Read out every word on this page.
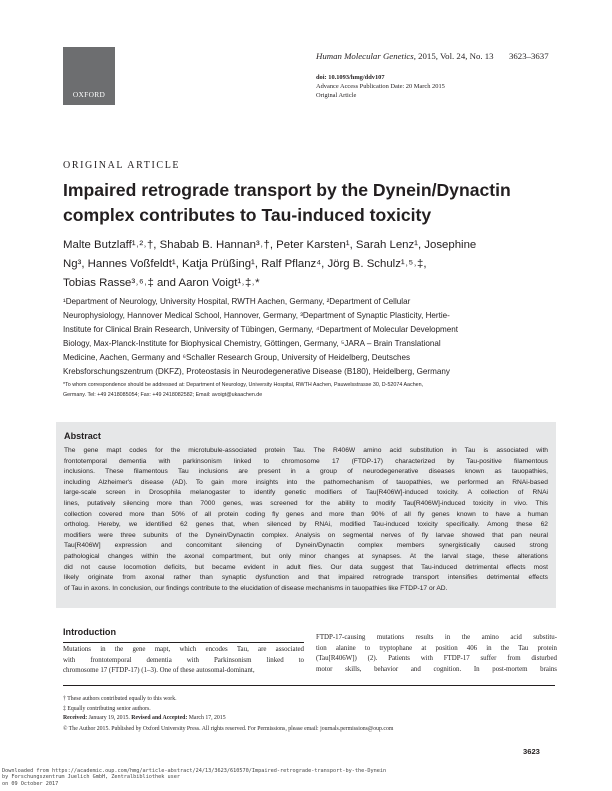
OXFORD
Human Molecular Genetics, 2015, Vol. 24, No. 13 3623–3637
doi: 10.1093/hmg/ddv107
Advance Access Publication Date: 20 March 2015
Original Article
ORIGINAL ARTICLE
Impaired retrograde transport by the Dynein/Dynactin
complex contributes to Tau-induced toxicity
Malte Butzlaff¹˒²˒†, Shabab B. Hannan³˒†, Peter Karsten¹, Sarah Lenz¹, Josephine
Ng³, Hannes Voßfeldt¹, Katja Prüßing¹, Ralf Pflanz⁴, Jörg B. Schulz¹˒⁵˒‡,
Tobias Rasse³˒⁶˒‡ and Aaron Voigt¹˒‡˒*
¹Department of Neurology, University Hospital, RWTH Aachen, Germany, ²Department of Cellular
Neurophysiology, Hannover Medical School, Hannover, Germany, ³Department of Synaptic Plasticity, Hertie-
Institute for Clinical Brain Research, University of Tübingen, Germany, ⁴Department of Molecular Development
Biology, Max-Planck-Institute for Biophysical Chemistry, Göttingen, Germany, ⁵JARA – Brain Translational
Medicine, Aachen, Germany and ⁶Schaller Research Group, University of Heidelberg, Deutsches
Krebsforschungszentrum (DKFZ), Proteostasis in Neurodegenerative Disease (B180), Heidelberg, Germany
*To whom correspondence should be addressed at: Department of Neurology, University Hospital, RWTH Aachen, Pauwelsstrasse 30, D-52074 Aachen,
Germany. Tel: +49 2418085054; Fax: +49 2418082582; Email: avoigt@ukaachen.de
Abstract
The gene mapt codes for the microtubule-associated protein Tau. The R406W amino acid substitution in Tau is associated with
frontotemporal dementia with parkinsonism linked to chromosome 17 (FTDP-17) characterized by Tau-positive filamentous
inclusions. These filamentous Tau inclusions are present in a group of neurodegenerative diseases known as tauopathies,
including Alzheimer's disease (AD). To gain more insights into the pathomechanism of tauopathies, we performed an RNAi-based
large-scale screen in Drosophila melanogaster to identify genetic modifiers of Tau[R406W]-induced toxicity. A collection of RNAi
lines, putatively silencing more than 7000 genes, was screened for the ability to modify Tau[R406W]-induced toxicity in vivo. This
collection covered more than 50% of all protein coding fly genes and more than 90% of all fly genes known to have a human
ortholog. Hereby, we identified 62 genes that, when silenced by RNAi, modified Tau-induced toxicity specifically. Among these 62
modifiers were three subunits of the Dynein/Dynactin complex. Analysis on segmental nerves of fly larvae showed that pan neural
Tau[R406W] expression and concomitant silencing of Dynein/Dynactin complex members synergistically caused strong
pathological changes within the axonal compartment, but only minor changes at synapses. At the larval stage, these alterations
did not cause locomotion deficits, but became evident in adult flies. Our data suggest that Tau-induced detrimental effects most
likely originate from axonal rather than synaptic dysfunction and that impaired retrograde transport intensifies detrimental effects
of Tau in axons. In conclusion, our findings contribute to the elucidation of disease mechanisms in tauopathies like FTDP-17 or AD.
Introduction
Mutations in the gene mapt, which encodes Tau, are associated
with frontotemporal dementia with Parkinsonism linked to
chromosome 17 (FTDP-17) (1–3). One of these autosomal-dominant,
FTDP-17-causing mutations results in the amino acid substitu-
tion alanine to tryptophane at position 406 in the Tau protein
(Tau[R406W]) (2). Patients with FTDP-17 suffer from disturbed
motor skills, behavior and cognition. In post-mortem brains
† These authors contributed equally to this work.
‡ Equally contributing senior authors.
Received: January 19, 2015. Revised and Accepted: March 17, 2015
© The Author 2015. Published by Oxford University Press. All rights reserved. For Permissions, please email: journals.permissions@oup.com
3623
Downloaded from https://academic.oup.com/hmg/article-abstract/24/13/3623/610570/Impaired-retrograde-transport-by-the-Dynein
by Forschungszentrum Juelich GmbH, Zentralbibliothek user
on 09 October 2017
